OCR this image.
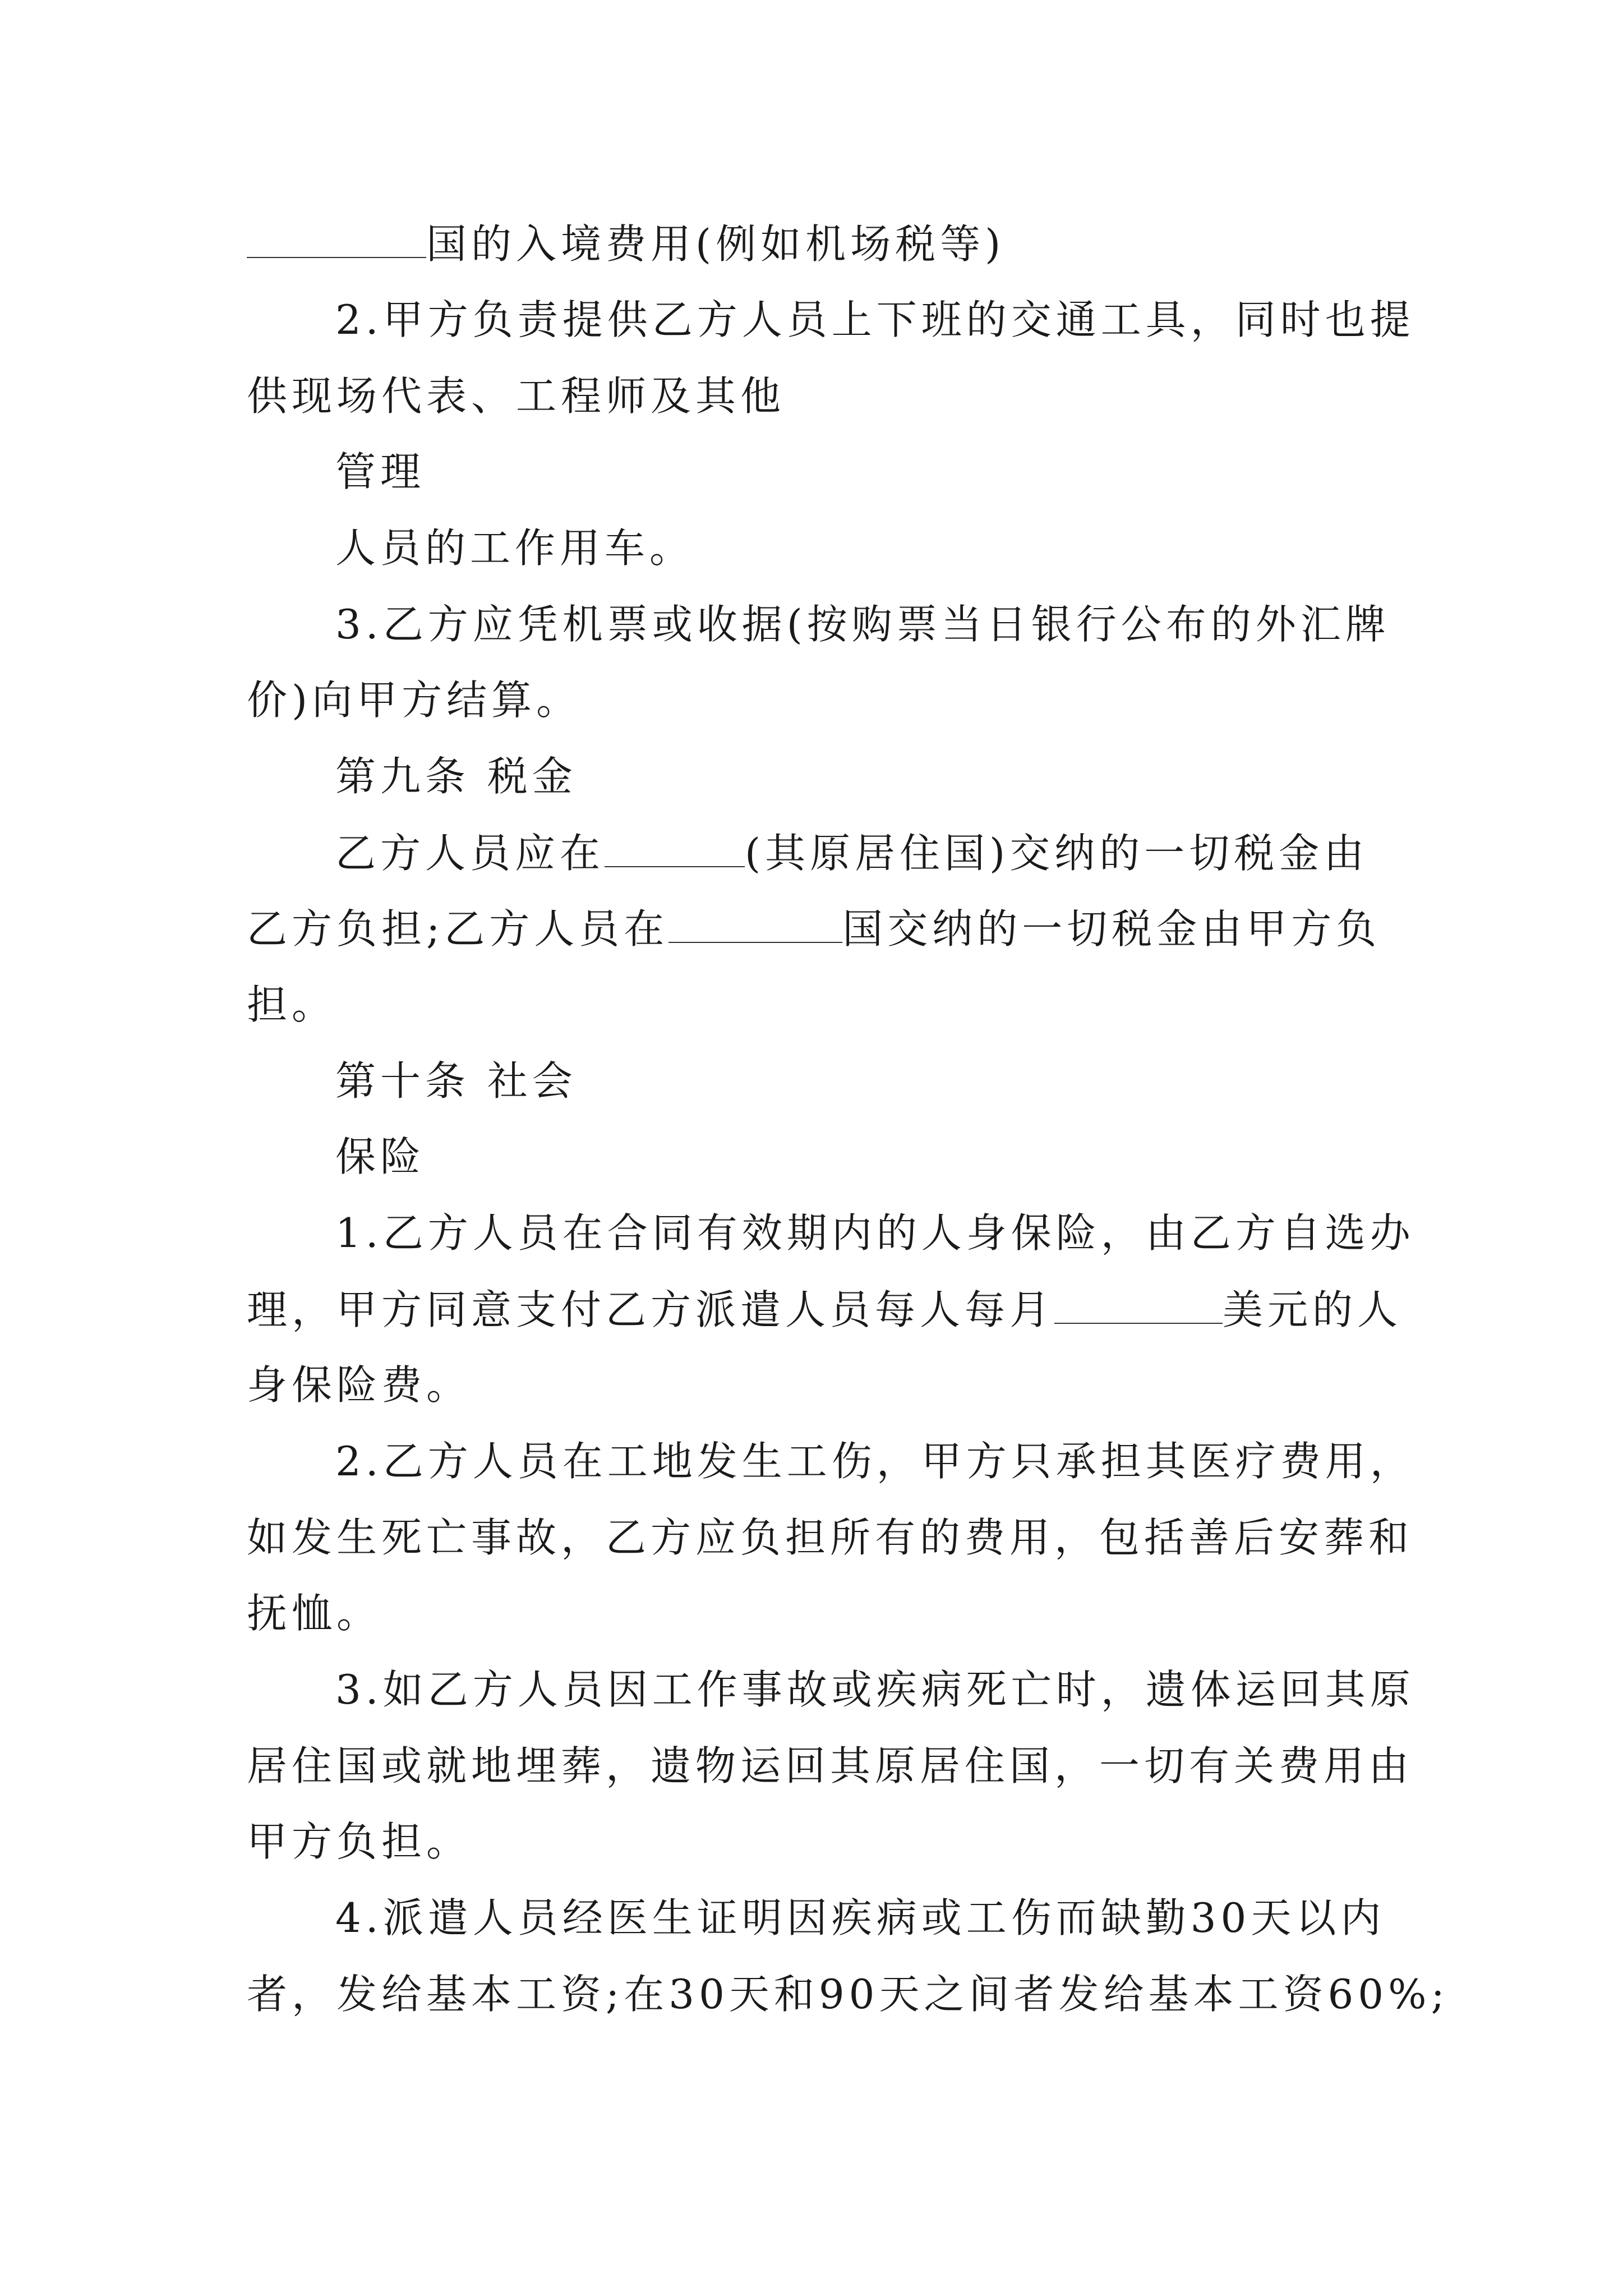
国的入境费用(例如机场税等)
2.甲方负责提供乙方人员上下班的交通工具，同时也提
供现场代表、工程师及其他
管理
人员的工作用车。
3.乙方应凭机票或收据(按购票当日银行公布的外汇牌
价)向甲方结算。
第九条 税金
乙方人员应在	(其原居住国)交纳的一切税金由
乙方负担;乙方人员在	国交纳的一切税金由甲方负
担。
第十条 社会
保险
1.乙方人员在合同有效期内的人身保险，由乙方自选办
理，甲方同意支付乙方派遣人员每人每月	美元的人
身保险费。
2.乙方人员在工地发生工伤，甲方只承担其医疗费用，
如发生死亡事故，乙方应负担所有的费用，包括善后安葬和
抚恤。
3.如乙方人员因工作事故或疾病死亡时，遗体运回其原
居住国或就地埋葬，遗物运回其原居住国，一切有关费用由
甲方负担。
4.派遣人员经医生证明因疾病或工伤而缺勤30天以内
者，发给基本工资;在30天和90天之间者发给基本工资60%;
